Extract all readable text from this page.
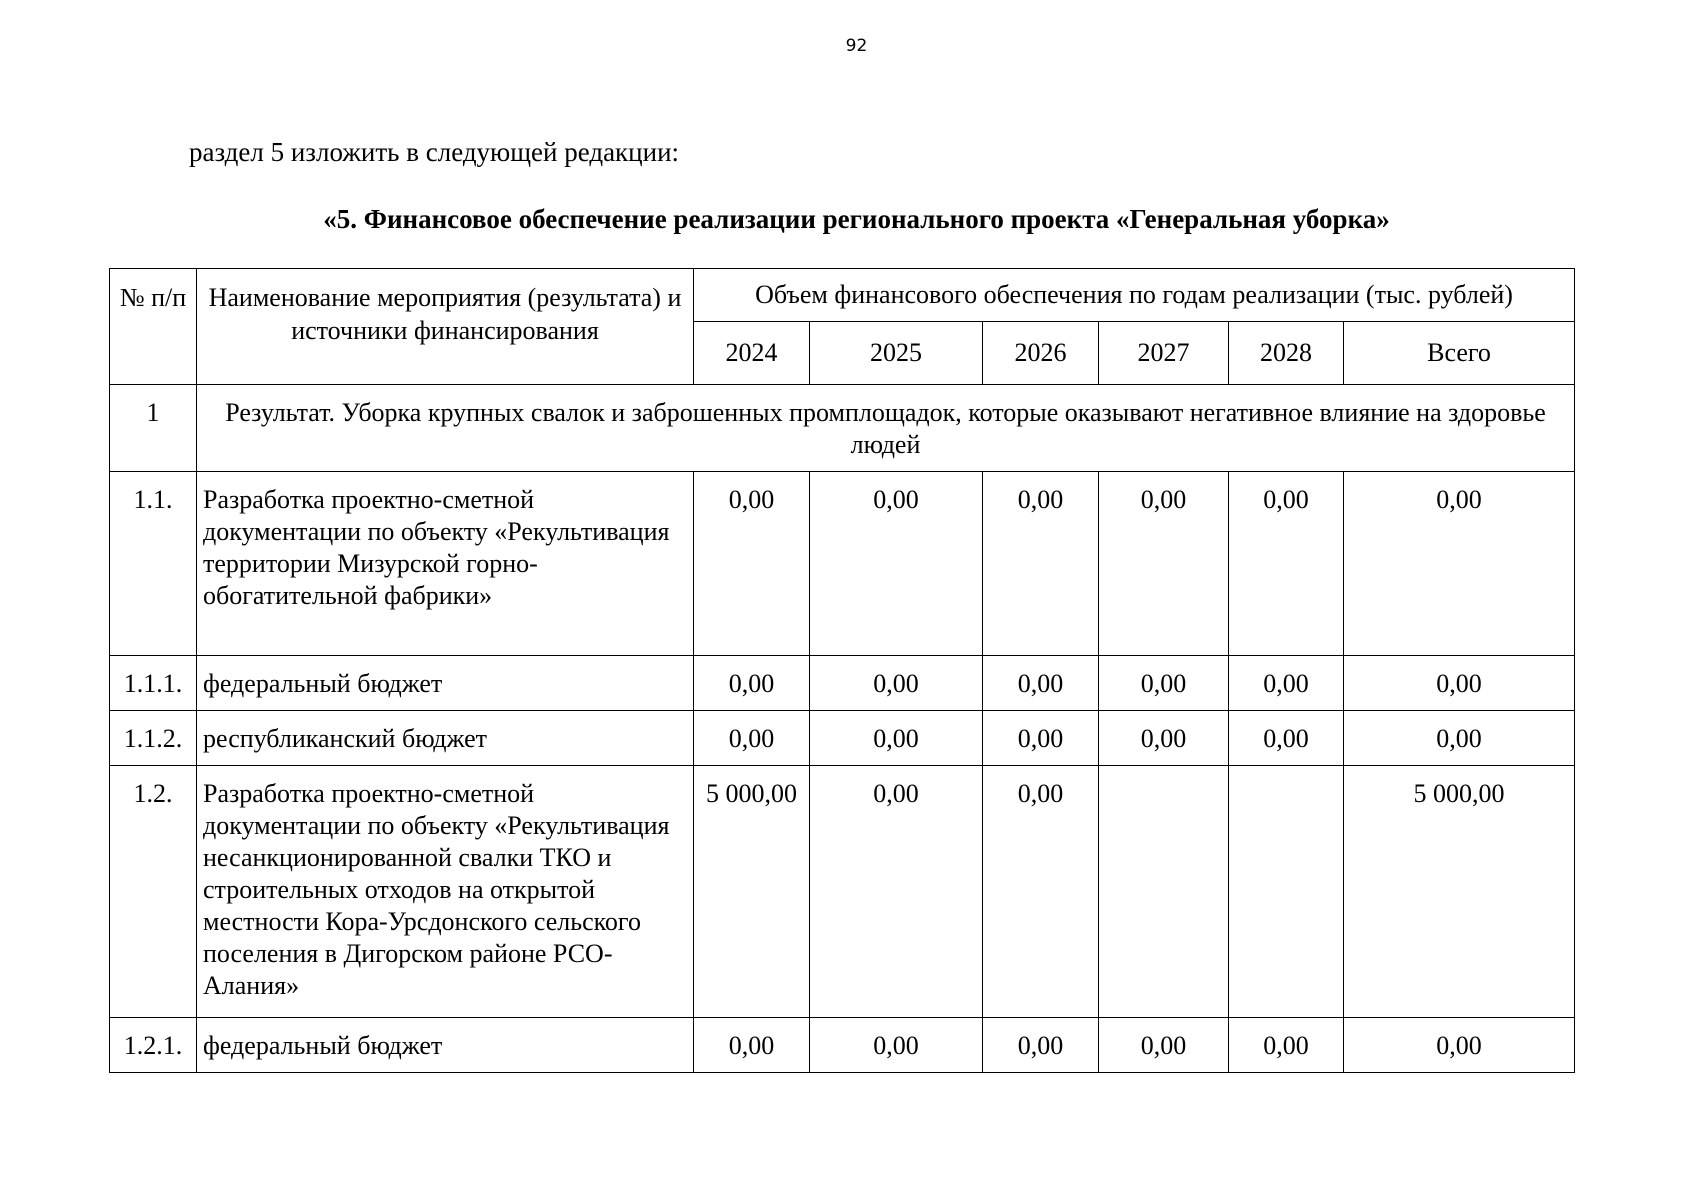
92
раздел 5 изложить в следующей редакции:
«5. Финансовое обеспечение реализации регионального проекта «Генеральная уборка»
№ п/п	Наименование мероприятия (результата) и источники финансирования	Объем финансового обеспечения по годам реализации (тыс. рублей)					
		2024	2025	2026	2027	2028	Всего
1	Результат. Уборка крупных свалок и заброшенных промплощадок, которые оказывают негативное влияние на здоровье людей						
1.1.	Разработка проектно-сметной документации по объекту «Рекультивация территории Мизурской горно-обогатительной фабрики»	0,00	0,00	0,00	0,00	0,00	0,00
1.1.1.	федеральный бюджет	0,00	0,00	0,00	0,00	0,00	0,00
1.1.2.	республиканский бюджет	0,00	0,00	0,00	0,00	0,00	0,00
1.2.	Разработка проектно-сметной документации по объекту «Рекультивация несанкционированной свалки ТКО и строительных отходов на открытой местности Кора-Урсдонского сельского поселения в Дигорском районе РСО-Алания»	5 000,00	0,00	0,00			5 000,00
1.2.1.	федеральный бюджет	0,00	0,00	0,00	0,00	0,00	0,00
